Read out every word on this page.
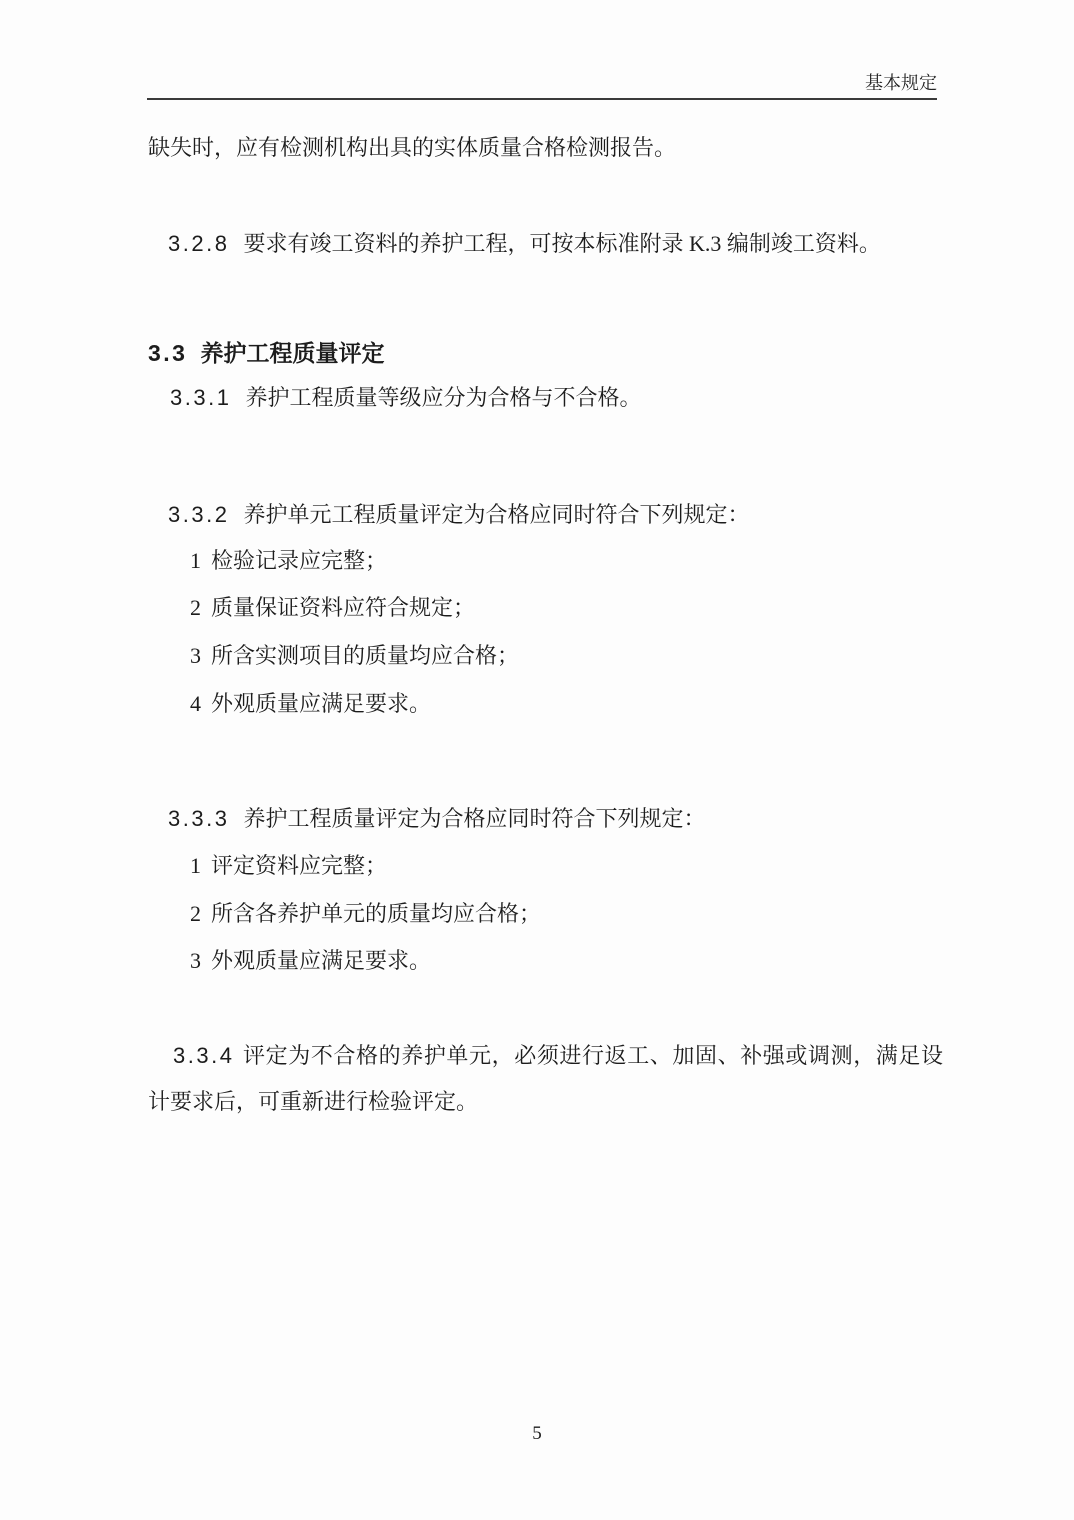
基本规定
缺失时，应有检测机构出具的实体质量合格检测报告。
3.2.8 要求有竣工资料的养护工程，可按本标准附录 K.3 编制竣工资料。
3.3 养护工程质量评定
3.3.1 养护工程质量等级应分为合格与不合格。
3.3.2 养护单元工程质量评定为合格应同时符合下列规定：
1 检验记录应完整；
2 质量保证资料应符合规定；
3 所含实测项目的质量均应合格；
4 外观质量应满足要求。
3.3.3 养护工程质量评定为合格应同时符合下列规定：
1 评定资料应完整；
2 所含各养护单元的质量均应合格；
3 外观质量应满足要求。
3.3.4 评定为不合格的养护单元，必须进行返工、加固、补强或调测，满足设计要求后，可重新进行检验评定。
5
